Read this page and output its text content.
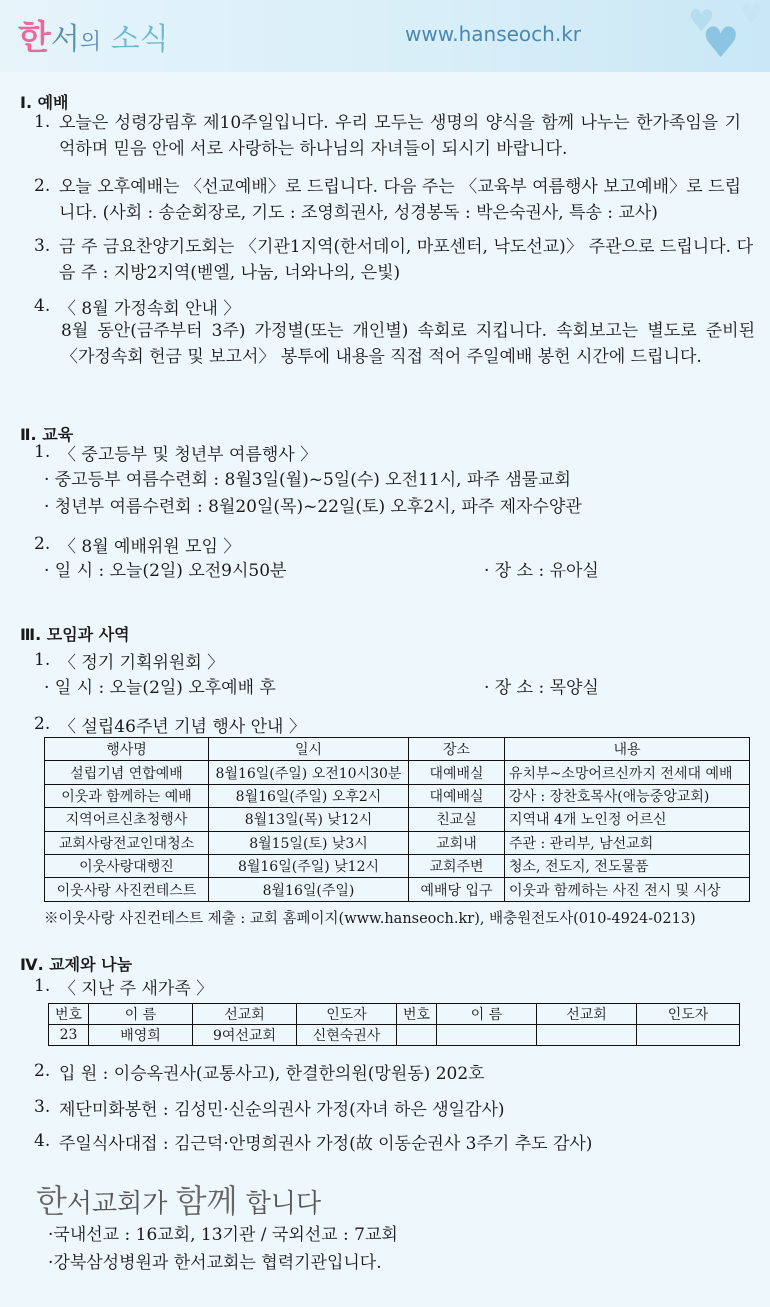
한서의 소식	www.hanseoch.kr	♥
♥
♥
Ⅰ. 예배
1. 오늘은 성령강림후 제10주일입니다. 우리 모두는 생명의 양식을 함께 나누는 한가족임을 기억하며 믿음 안에 서로 사랑하는 하나님의 자녀들이 되시기 바랍니다.
2. 오늘 오후예배는 〈선교예배〉로 드립니다. 다음 주는 〈교육부 여름행사 보고예배〉로 드립니다. (사회 : 송순회장로, 기도 : 조영희권사, 성경봉독 : 박은숙권사, 특송 : 교사)
3. 금 주 금요찬양기도회는 〈기관1지역(한서데이, 마포센터, 낙도선교)〉 주관으로 드립니다. 다음 주 : 지방2지역(벧엘, 나눔, 너와나의, 은빛)
4. 〈 8월 가정속회 안내 〉
8월 동안(금주부터 3주) 가정별(또는 개인별) 속회로 지킵니다. 속회보고는 별도로 준비된 〈가정속회 헌금 및 보고서〉 봉투에 내용을 직접 적어 주일예배 봉헌 시간에 드립니다.
Ⅱ. 교육
1. 〈 중고등부 및 청년부 여름행사 〉
· 중고등부 여름수련회 : 8월3일(월)~5일(수) 오전11시, 파주 샘물교회
· 청년부 여름수련회 : 8월20일(목)~22일(토) 오후2시, 파주 제자수양관
2. 〈 8월 예배위원 모임 〉
· 일 시 : 오늘(2일) 오전9시50분	· 장 소 : 유아실
Ⅲ. 모임과 사역
1. 〈 정기 기획위원회 〉
· 일 시 : 오늘(2일) 오후예배 후	· 장 소 : 목양실
2. 〈 설립46주년 기념 행사 안내 〉
행사명	일시	장소	내용
설립기념 연합예배	8월16일(주일) 오전10시30분	대예배실	유치부~소망어르신까지 전세대 예배
이웃과 함께하는 예배	8월16일(주일) 오후2시	대예배실	강사 : 장찬호목사(애능중앙교회)
지역어르신초청행사	8월13일(목) 낮12시	친교실	지역내 4개 노인정 어르신
교회사랑전교인대청소	8월15일(토) 낮3시	교회내	주관 : 관리부, 남선교회
이웃사랑대행진	8월16일(주일) 낮12시	교회주변	청소, 전도지, 전도물품
이웃사랑 사진컨테스트	8월16일(주일)	예배당 입구	이웃과 함께하는 사진 전시 및 시상
※이웃사랑 사진컨테스트 제출 : 교회 홈페이지(www.hanseoch.kr), 배충원전도사(010-4924-0213)
Ⅳ. 교제와 나눔
1. 〈 지난 주 새가족 〉
번호	이 름	선교회	인도자	번호	이 름	선교회	인도자
23	배영희	9여선교회	신현숙권사				
2. 입 원 : 이승옥권사(교통사고), 한결한의원(망원동) 202호
3. 제단미화봉헌 : 김성민·신순의권사 가정(자녀 하은 생일감사)
4. 주일식사대접 : 김근덕·안명희권사 가정(故 이동순권사 3주기 추도 감사)
한서교회가 함께 합니다
·국내선교 : 16교회, 13기관 / 국외선교 : 7교회
·강북삼성병원과 한서교회는 협력기관입니다.
